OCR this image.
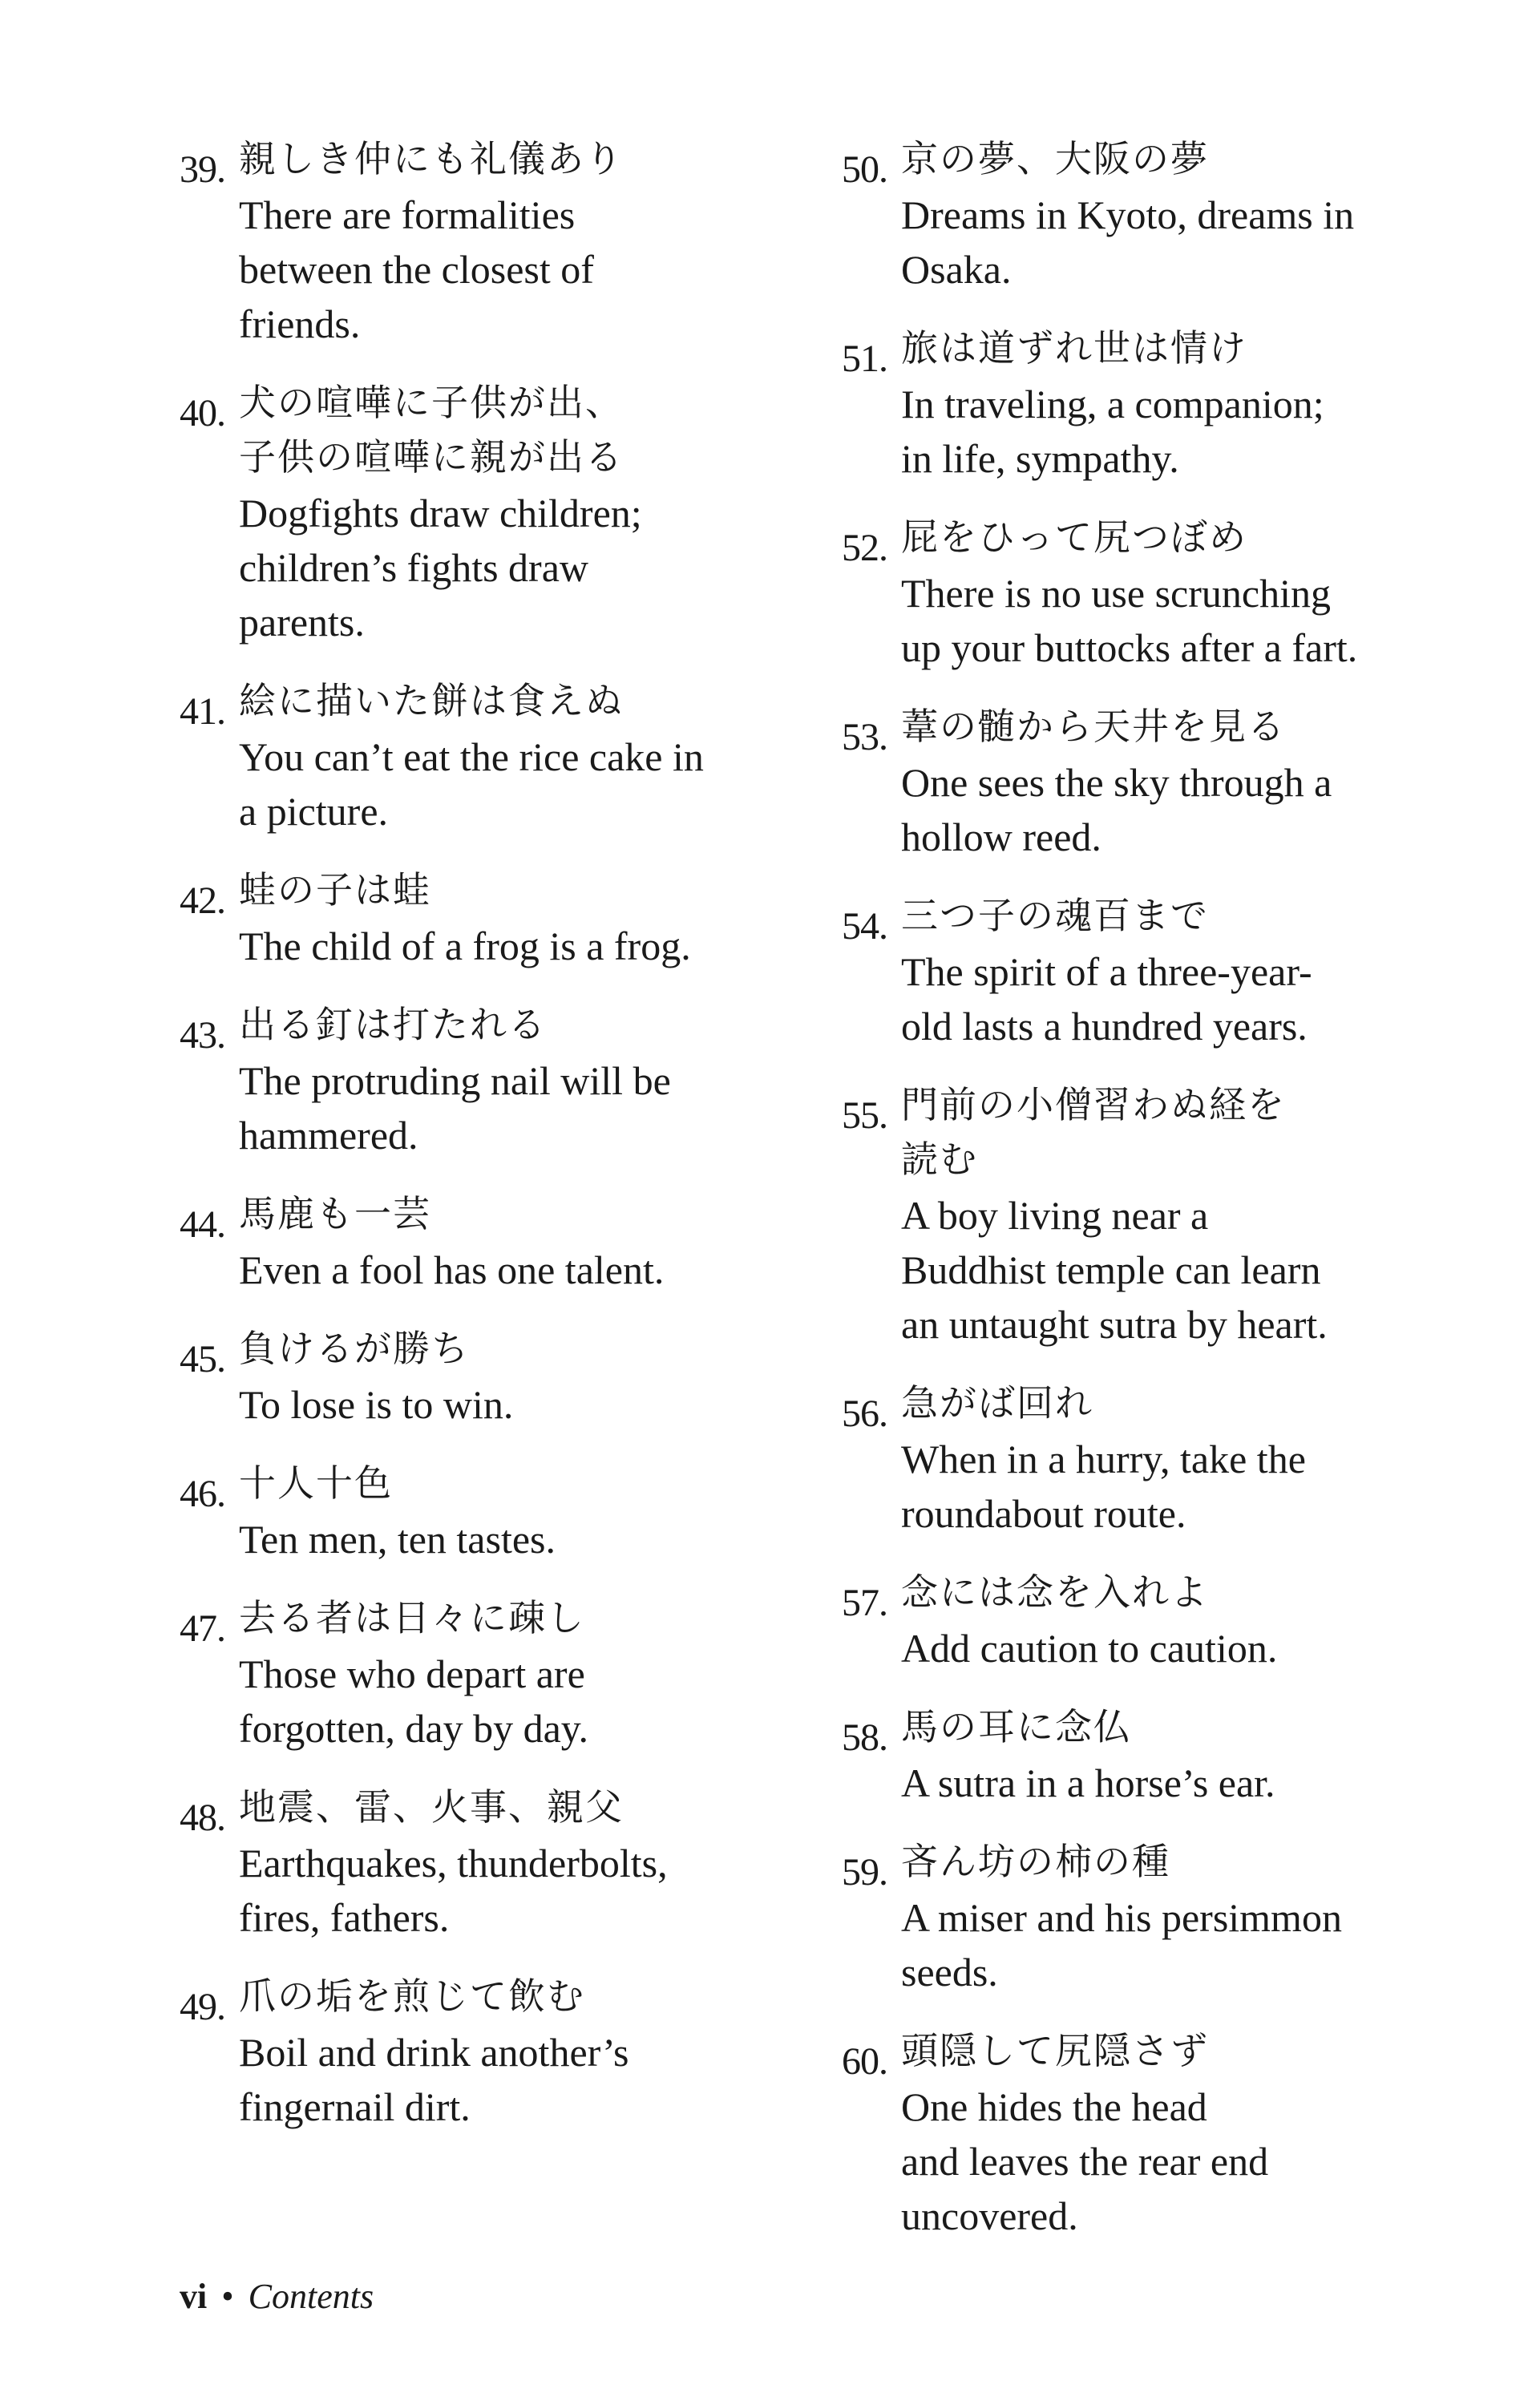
39. 親しき仲にも礼儀あり
There are formalities
between the closest of
friends.
40. 犬の喧嘩に子供が出、
子供の喧嘩に親が出る
Dogfights draw children;
children’s fights draw
parents.
41. 絵に描いた餅は食えぬ
You can’t eat the rice cake in
a picture.
42. 蛙の子は蛙
The child of a frog is a frog.
43. 出る釘は打たれる
The protruding nail will be
hammered.
44. 馬鹿も一芸
Even a fool has one talent.
45. 負けるが勝ち
To lose is to win.
46. 十人十色
Ten men, ten tastes.
47. 去る者は日々に疎し
Those who depart are
forgotten, day by day.
48. 地震、雷、火事、親父
Earthquakes, thunderbolts,
fires, fathers.
49. 爪の垢を煎じて飲む
Boil and drink another’s
fingernail dirt.
50. 京の夢、大阪の夢
Dreams in Kyoto, dreams in
Osaka.
51. 旅は道ずれ世は情け
In traveling, a companion;
in life, sympathy.
52. 屁をひって尻つぼめ
There is no use scrunching
up your buttocks after a fart.
53. 葦の髄から天井を見る
One sees the sky through a
hollow reed.
54. 三つ子の魂百まで
The spirit of a three-year-
old lasts a hundred years.
55. 門前の小僧習わぬ経を
読む
A boy living near a
Buddhist temple can learn
an untaught sutra by heart.
56. 急がば回れ
When in a hurry, take the
roundabout route.
57. 念には念を入れよ
Add caution to caution.
58. 馬の耳に念仏
A sutra in a horse’s ear.
59. 吝ん坊の柿の種
A miser and his persimmon
seeds.
60. 頭隠して尻隠さず
One hides the head
and leaves the rear end
uncovered.
vi • Contents
